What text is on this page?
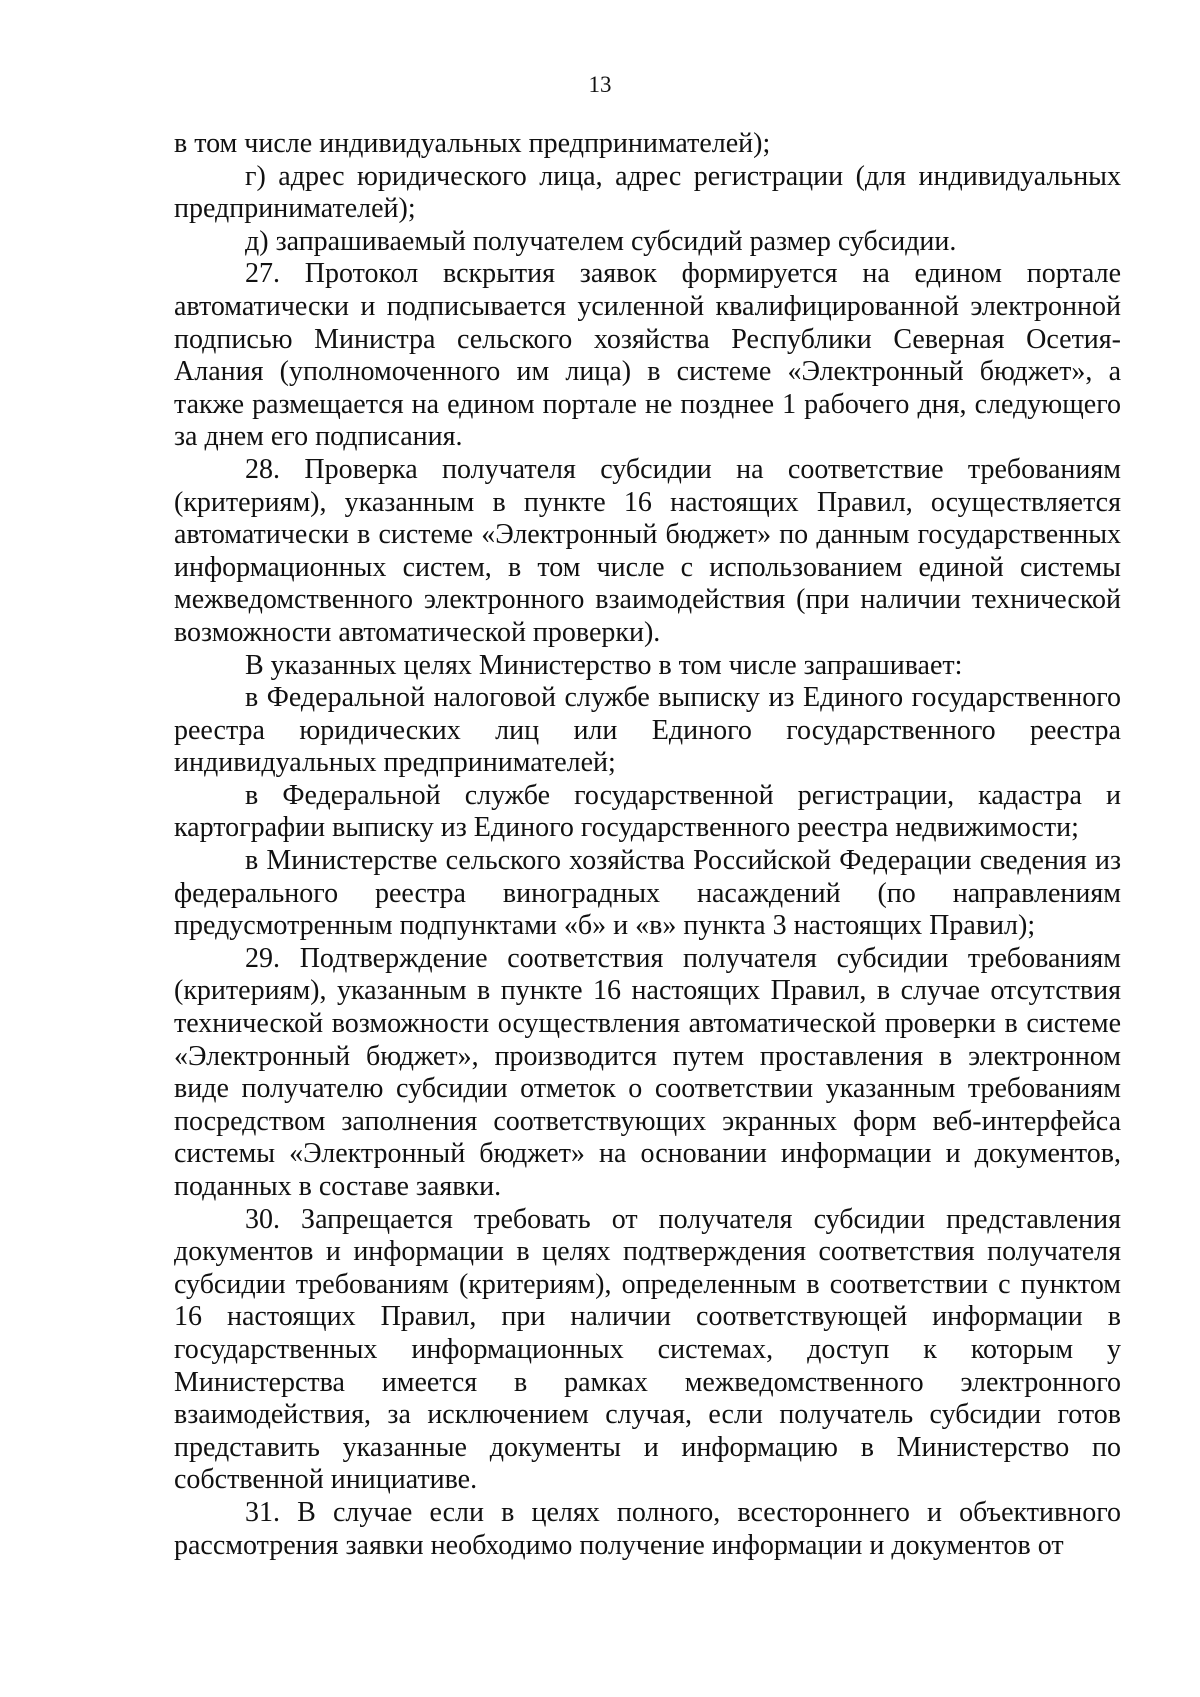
13

в том числе индивидуальных предпринимателей);

г) адрес юридического лица, адрес регистрации (для индивидуальных предпринимателей);

д) запрашиваемый получателем субсидий размер субсидии.

27. Протокол вскрытия заявок формируется на едином портале автоматически и подписывается усиленной квалифицированной электронной подписью Министра сельского хозяйства Республики Северная Осетия-Алания (уполномоченного им лица) в системе «Электронный бюджет», а также размещается на едином портале не позднее 1 рабочего дня, следующего за днем его подписания.

28. Проверка получателя субсидии на соответствие требованиям (критериям), указанным в пункте 16 настоящих Правил, осуществляется автоматически в системе «Электронный бюджет» по данным государственных информационных систем, в том числе с использованием единой системы межведомственного электронного взаимодействия (при наличии технической возможности автоматической проверки).

В указанных целях Министерство в том числе запрашивает:

в Федеральной налоговой службе выписку из Единого государственного реестра юридических лиц или Единого государственного реестра индивидуальных предпринимателей;

в Федеральной службе государственной регистрации, кадастра и картографии выписку из Единого государственного реестра недвижимости;

в Министерстве сельского хозяйства Российской Федерации сведения из федерального реестра виноградных насаждений (по направлениям предусмотренным подпунктами «б» и «в» пункта 3 настоящих Правил);

29. Подтверждение соответствия получателя субсидии требованиям (критериям), указанным в пункте 16 настоящих Правил, в случае отсутствия технической возможности осуществления автоматической проверки в системе «Электронный бюджет», производится путем проставления в электронном виде получателю субсидии отметок о соответствии указанным требованиям посредством заполнения соответствующих экранных форм веб-интерфейса системы «Электронный бюджет» на основании информации и документов, поданных в составе заявки.

30. Запрещается требовать от получателя субсидии представления документов и информации в целях подтверждения соответствия получателя субсидии требованиям (критериям), определенным в соответствии с пунктом 16 настоящих Правил, при наличии соответствующей информации в государственных информационных системах, доступ к которым у Министерства имеется в рамках межведомственного электронного взаимодействия, за исключением случая, если получатель субсидии готов представить указанные документы и информацию в Министерство по собственной инициативе.

31. В случае если в целях полного, всестороннего и объективного рассмотрения заявки необходимо получение информации и документов от
